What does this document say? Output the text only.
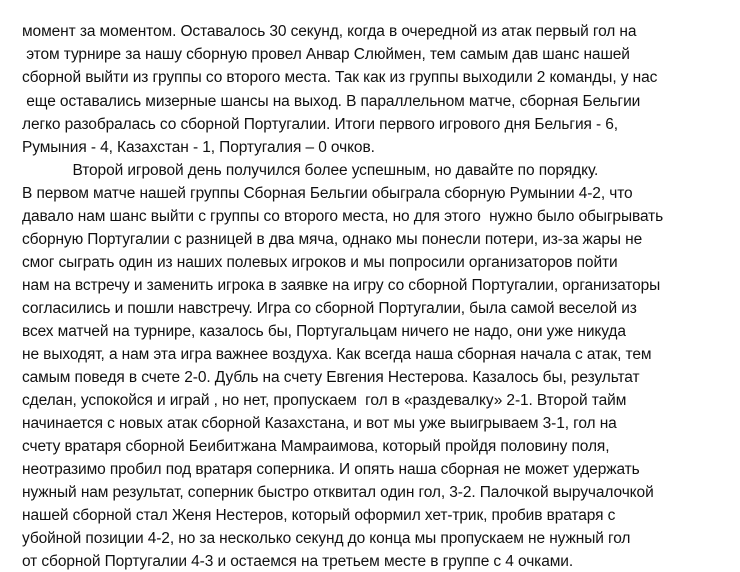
момент за моментом. Оставалось 30 секунд, когда в очередной из атак первый гол на

этом турнире за нашу сборную провел Анвар Слюймен, тем самым дав шанс нашей

сборной выйти из группы со второго места. Так как из группы выходили 2 команды, у нас

еще оставались мизерные шансы на выход. В параллельном матче, сборная Бельгии

легко разобралась со сборной Португалии. Итоги первого игрового дня Бельгия - 6,

Румыния - 4, Казахстан - 1, Португалия – 0 очков.

Второй игровой день получился более успешным, но давайте по порядку.

В первом матче нашей группы Сборная Бельгии обыграла сборную Румынии 4-2, что

давало нам шанс выйти с группы со второго места, но для этого  нужно было обыгрывать

сборную Португалии с разницей в два мяча, однако мы понесли потери, из-за жары не

смог сыграть один из наших полевых игроков и мы попросили организаторов пойти

нам на встречу и заменить игрока в заявке на игру со сборной Португалии, организаторы

согласились и пошли навстречу. Игра со сборной Португалии, была самой веселой из

всех матчей на турнире, казалось бы, Португальцам ничего не надо, они уже никуда

не выходят, а нам эта игра важнее воздуха. Как всегда наша сборная начала с атак, тем

самым поведя в счете 2-0. Дубль на счету Евгения Нестерова. Казалось бы, результат

сделан, успокойся и играй , но нет, пропускаем  гол в «раздевалку» 2-1. Второй тайм

начинается с новых атак сборной Казахстана, и вот мы уже выигрываем 3-1, гол на

счету вратаря сборной Беибитжана Мамраимова, который пройдя половину поля,

неотразимо пробил под вратаря соперника. И опять наша сборная не может удержать

нужный нам результат, соперник быстро отквитал один гол, 3-2. Палочкой выручалочкой

нашей сборной стал Женя Нестеров, который оформил хет-трик, пробив вратаря с

убойной позиции 4-2, но за несколько секунд до конца мы пропускаем не нужный гол

от сборной Португалии 4-3 и остаемся на третьем месте в группе с 4 очками.
